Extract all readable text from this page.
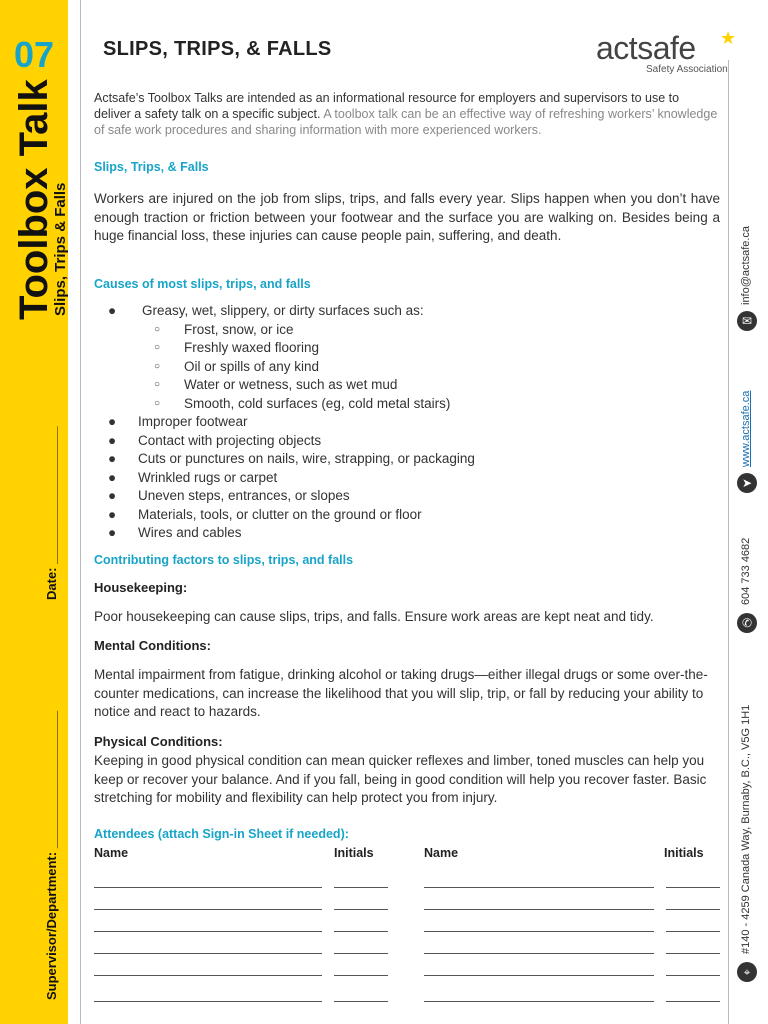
07
Toolbox Talk
Slips, Trips & Falls
Date: ___________________
Supervisor/Department: ___________________
SLIPS, TRIPS, & FALLS	actsafe ★
Safety Association
Actsafe’s Toolbox Talks are intended as an informational resource for employers and supervisors to use to deliver a safety talk on a specific subject. A toolbox talk can be an effective way of refreshing workers’ knowledge of safe work procedures and sharing information with more experienced workers.
Slips, Trips, & Falls
Workers are injured on the job from slips, trips, and falls every year. Slips happen when you don’t have enough traction or friction between your footwear and the surface you are walking on. Besides being a huge financial loss, these injuries can cause people pain, suffering, and death.
Causes of most slips, trips, and falls
● Greasy, wet, slippery, or dirty surfaces such as:
○ Frost, snow, or ice
○ Freshly waxed flooring
○ Oil or spills of any kind
○ Water or wetness, such as wet mud
○ Smooth, cold surfaces (eg, cold metal stairs)
● Improper footwear
● Contact with projecting objects
● Cuts or punctures on nails, wire, strapping, or packaging
● Wrinkled rugs or carpet
● Uneven steps, entrances, or slopes
● Materials, tools, or clutter on the ground or floor
● Wires and cables
Contributing factors to slips, trips, and falls
Housekeeping:
Poor housekeeping can cause slips, trips, and falls. Ensure work areas are kept neat and tidy.
Mental Conditions:
Mental impairment from fatigue, drinking alcohol or taking drugs—either illegal drugs or some over-the-counter medications, can increase the likelihood that you will slip, trip, or fall by reducing your ability to notice and react to hazards.
Physical Conditions:
Keeping in good physical condition can mean quicker reflexes and limber, toned muscles can help you keep or recover your balance. And if you fall, being in good condition will help you recover faster. Basic stretching for mobility and flexibility can help protect you from injury.
Attendees (attach Sign-in Sheet if needed):
Name	Initials	Name	Initials
info@actsafe.ca
✉
www.actsafe.ca
➤
604 733 4682
✆
#140 - 4259 Canada Way, Burnaby, B.C., V5G 1H1
⌖
